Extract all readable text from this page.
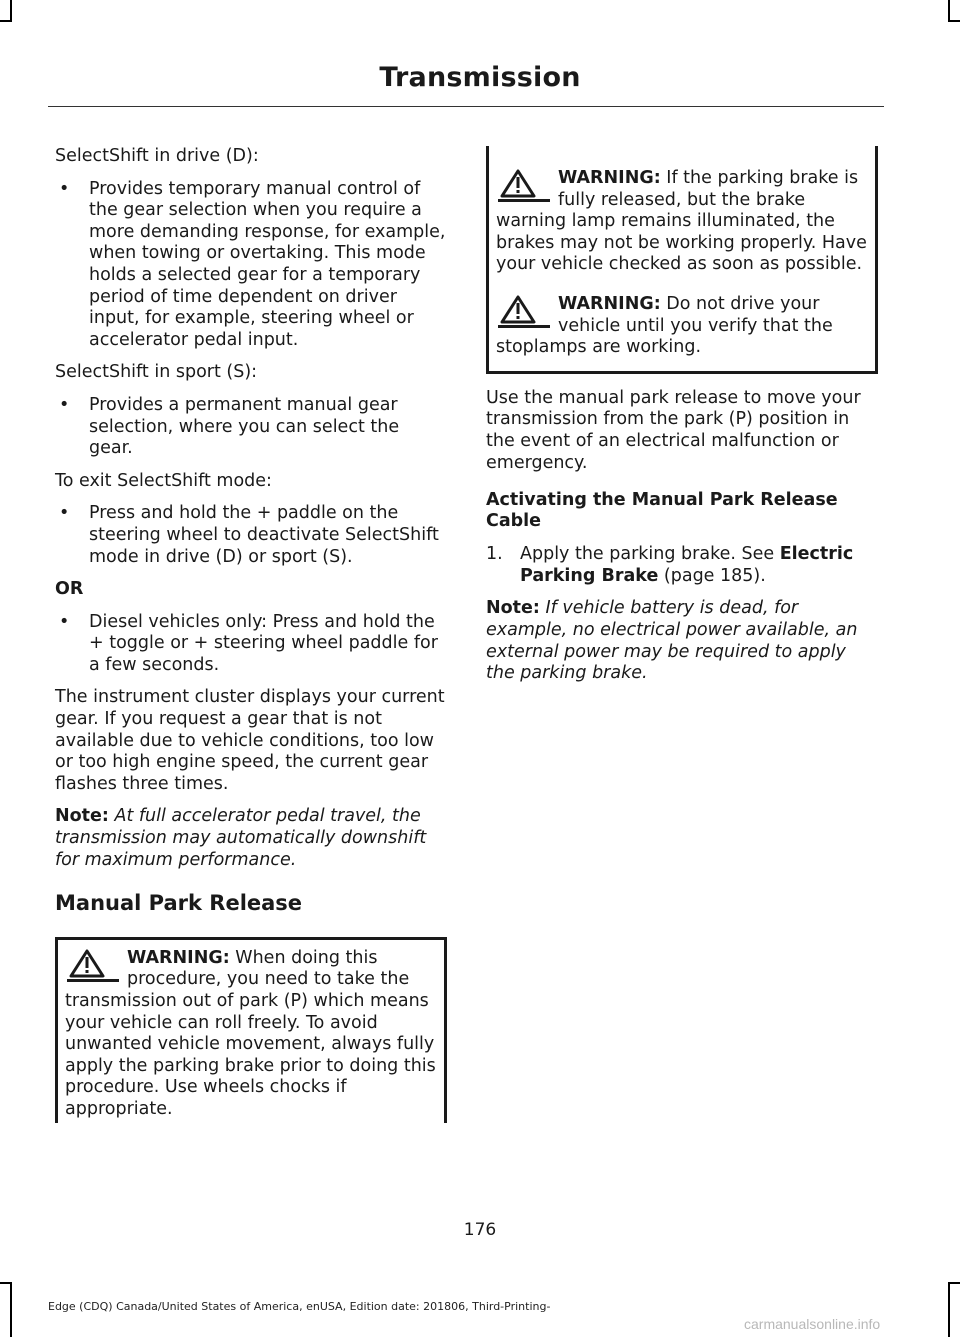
Transmission

SelectShift in drive (D):

• Provides temporary manual control of the gear selection when you require a more demanding response, for example, when towing or overtaking. This mode holds a selected gear for a temporary period of time dependent on driver input, for example, steering wheel or accelerator pedal input.

SelectShift in sport (S):

• Provides a permanent manual gear selection, where you can select the gear.

To exit SelectShift mode:

• Press and hold the + paddle on the steering wheel to deactivate SelectShift mode in drive (D) or sport (S).
OR
• Diesel vehicles only: Press and hold the + toggle or + steering wheel paddle for a few seconds.

The instrument cluster displays your current gear. If you request a gear that is not available due to vehicle conditions, too low or too high engine speed, the current gear flashes three times.

Note: At full accelerator pedal travel, the transmission may automatically downshift for maximum performance.

Manual Park Release
WARNING: When doing this procedure, you need to take the transmission out of park (P) which means your vehicle can roll freely. To avoid unwanted vehicle movement, always fully apply the parking brake prior to doing this procedure. Use wheels chocks if appropriate.
WARNING: If the parking brake is fully released, but the brake warning lamp remains illuminated, the brakes may not be working properly. Have your vehicle checked as soon as possible.
WARNING: Do not drive your vehicle until you verify that the stoplamps are working.

Use the manual park release to move your transmission from the park (P) position in the event of an electrical malfunction or emergency.

Activating the Manual Park Release Cable
1. Apply the parking brake. See Electric Parking Brake (page 185).

Note: If vehicle battery is dead, for example, no electrical power available, an external power may be required to apply the parking brake.

176
Edge (CDQ) Canada/United States of America, enUSA, Edition date: 201806, Third-Printing-
carmanualsonline.info
